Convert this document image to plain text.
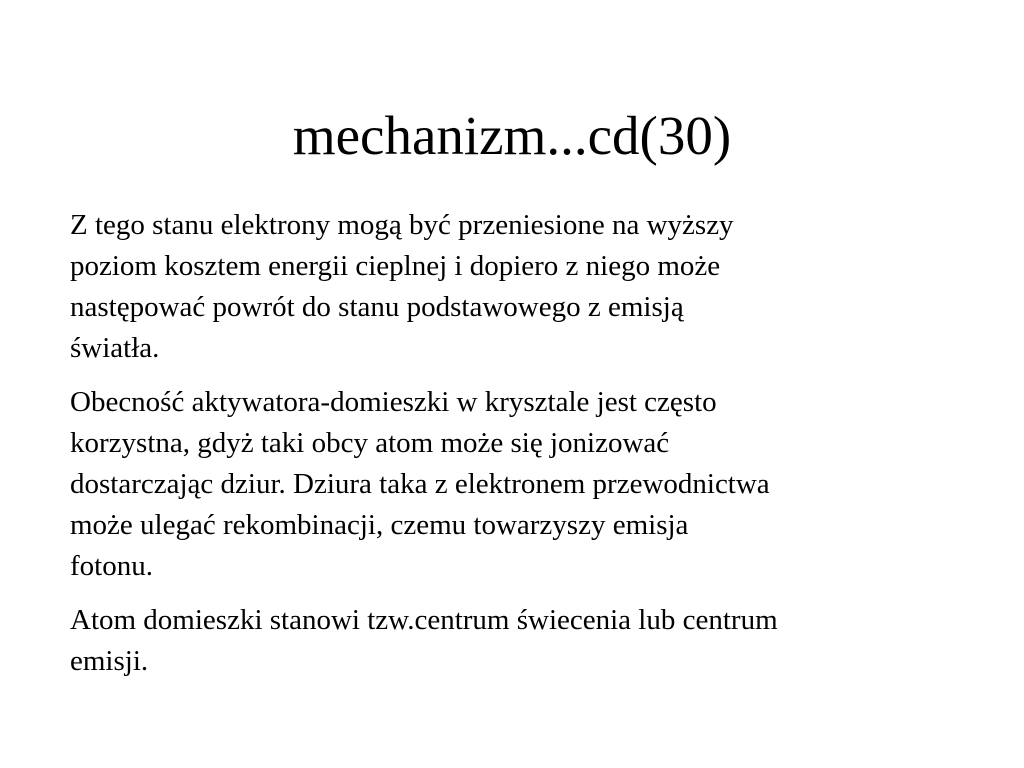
mechanizm...cd(30)
Z tego stanu elektrony mogą być przeniesione na wyższy
poziom kosztem energii cieplnej i dopiero z niego może
następować powrót do stanu podstawowego z emisją
światła.
Obecność aktywatora-domieszki w krysztale jest często
korzystna, gdyż taki obcy atom może się jonizować
dostarczając dziur. Dziura taka z elektronem przewodnictwa
może ulegać rekombinacji, czemu towarzyszy emisja
fotonu.
Atom domieszki stanowi tzw.centrum świecenia lub centrum
emisji.
